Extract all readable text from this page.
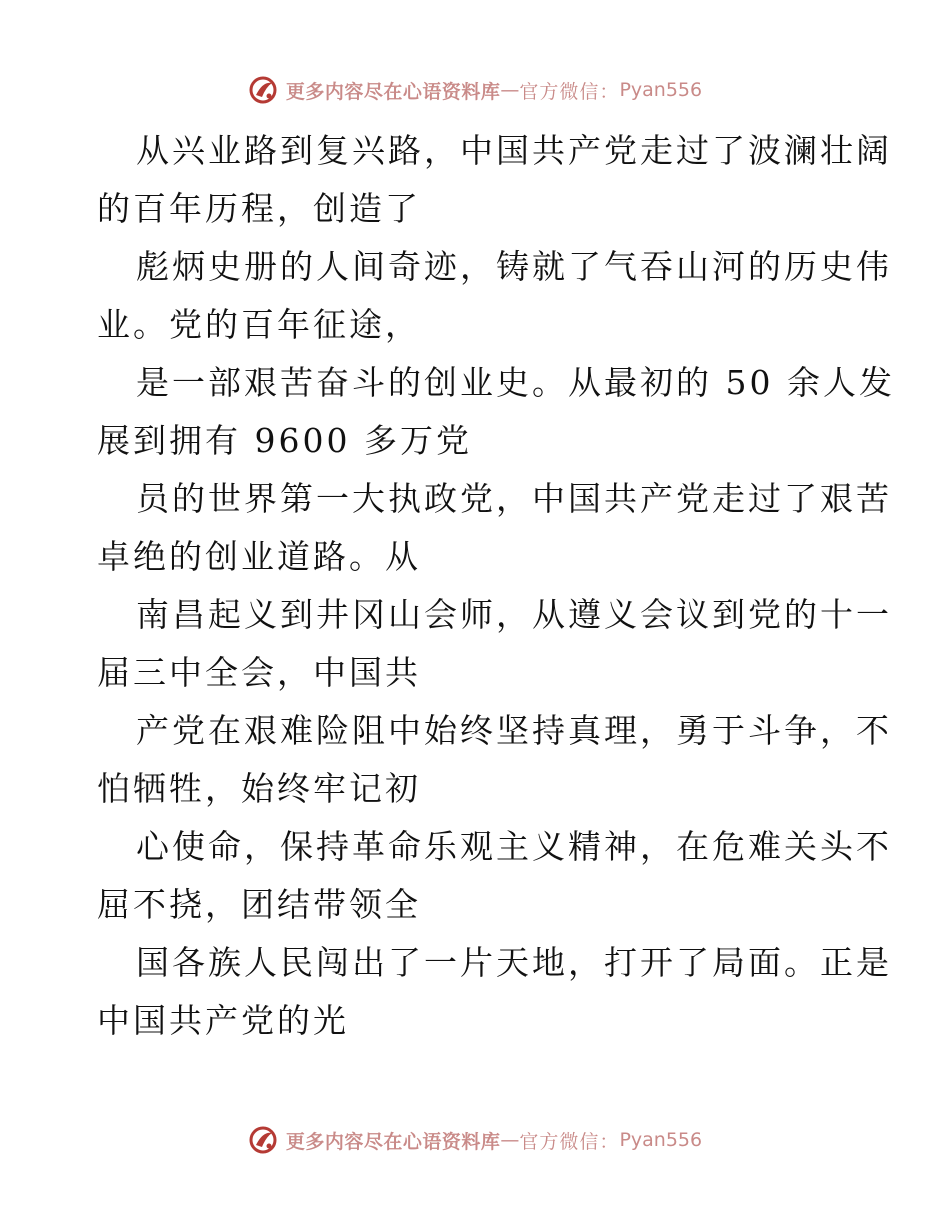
更多内容尽在心语资料库 — 官方微信： Pyan556
从兴业路到复兴路，中国共产党走过了波澜壮阔
的百年历程，创造了
彪炳史册的人间奇迹，铸就了气吞山河的历史伟
业。党的百年征途，
是一部艰苦奋斗的创业史。从最初的 50 余人发
展到拥有 9600 多万党
员的世界第一大执政党，中国共产党走过了艰苦
卓绝的创业道路。从
南昌起义到井冈山会师，从遵义会议到党的十一
届三中全会，中国共
产党在艰难险阻中始终坚持真理，勇于斗争，不
怕牺牲，始终牢记初
心使命，保持革命乐观主义精神，在危难关头不
屈不挠，团结带领全
国各族人民闯出了一片天地，打开了局面。正是
中国共产党的光
更多内容尽在心语资料库 — 官方微信： Pyan556
